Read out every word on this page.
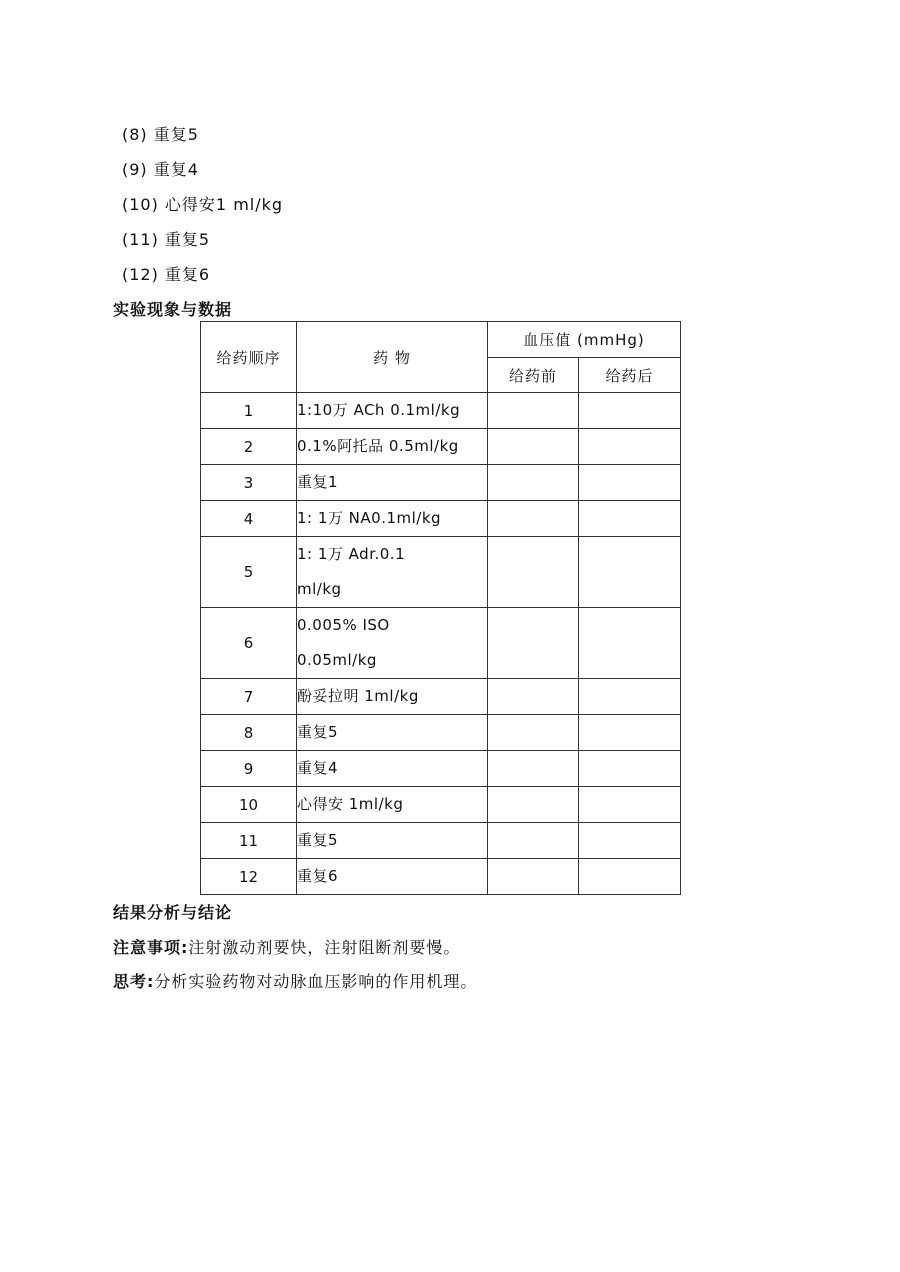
(8) 重复5
(9) 重复4
(10) 心得安1 ml/kg
(11) 重复5
(12) 重复6
实验现象与数据
给药顺序	药 物	血压值 (mmHg)	
		给药前	给药后
1	1:10万 ACh 0.1ml/kg		
2	0.1%阿托品 0.5ml/kg		
3	重复1		
4	1: 1万 NA0.1ml/kg		
5	1: 1万 Adr.0.1 ml/kg		
6	0.005% ISO 0.05ml/kg		
7	酚妥拉明 1ml/kg		
8	重复5		
9	重复4		
10	心得安 1ml/kg		
11	重复5		
12	重复6		
结果分析与结论
注意事项:注射激动剂要快，注射阻断剂要慢。
思考:分析实验药物对动脉血压影响的作用机理。
